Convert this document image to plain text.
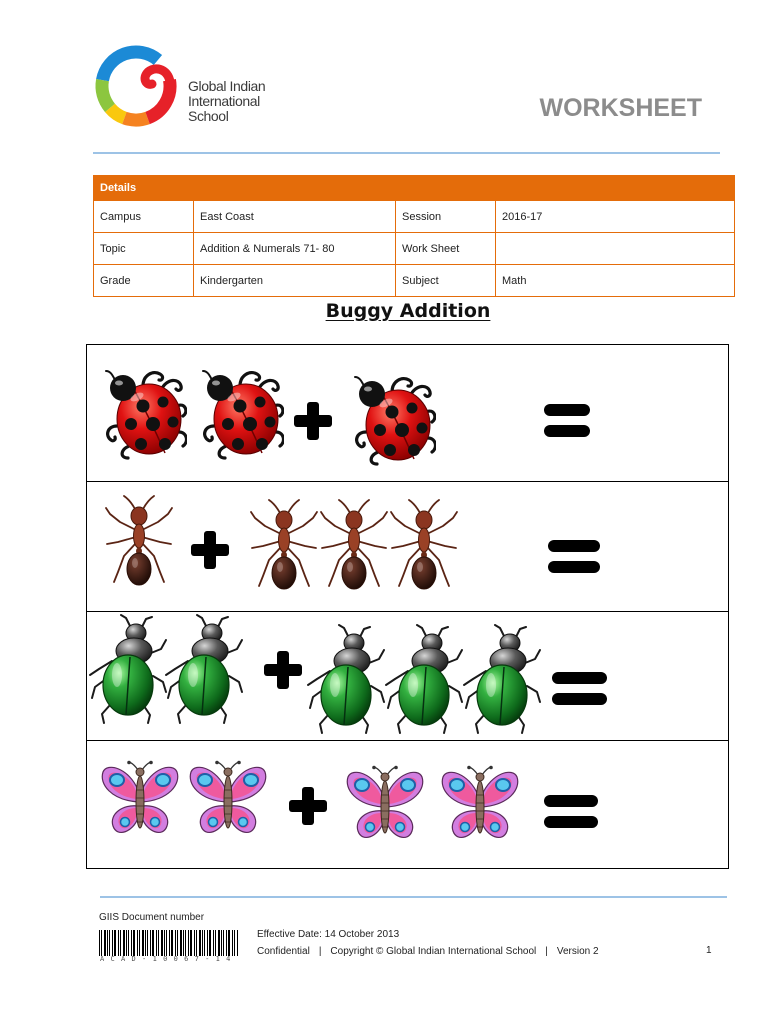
Global Indian
International
School	WORKSHEET
Details			
Campus	East Coast	Session	2016-17
Topic	Addition & Numerals 71- 80	Work Sheet	
Grade	Kindergarten	Subject	Math
Buggy Addition
GIIS Document number
ACAD-10067-14
Effective Date: 14 October 2013
Confidential | Copyright © Global Indian International School | Version 2	1
